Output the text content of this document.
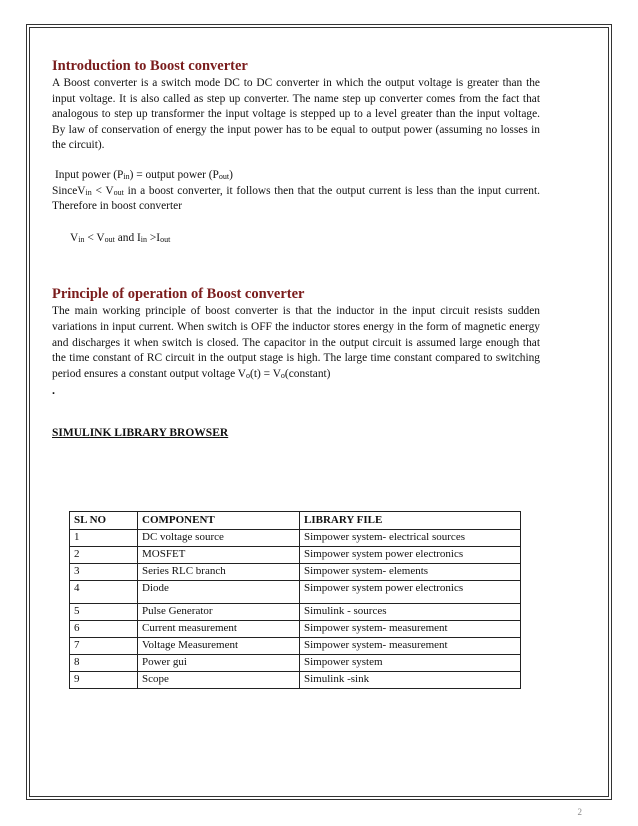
Introduction to Boost converter

A Boost converter is a switch mode DC to DC converter in which the output voltage is greater than the input voltage. It is also called as step up converter. The name step up converter comes from the fact that analogous to step up transformer the input voltage is stepped up to a level greater than the input voltage. By law of conservation of energy the input power has to be equal to output power (assuming no losses in the circuit).

Input power $(P_{in})$ = output power $(P_{out})$

SinceV$_{in}$ < $V_{out}$ in a boost converter, it follows then that the output current is less than the input current. Therefore in boost converter

$V_{in} < V_{out}$ and $I_{in} >I_{out}$
Principle of operation of Boost converter

The main working principle of boost converter is that the inductor in the input circuit resists sudden variations in input current. When switch is OFF the inductor stores energy in the form of magnetic energy and discharges it when switch is closed. The capacitor in the output circuit is assumed large enough that the time constant of RC circuit in the output stage is high. The large time constant compared to switching period ensures a constant output voltage $V_o(t)$ = $V_o(constant)$

.
SIMULINK LIBRARY BROWSER
SL NO	COMPONENT	LIBRARY FILE
1	DC voltage source	Simpower system- electrical sources
2	MOSFET	Simpower system power electronics
3	Series RLC branch	Simpower system- elements
4	Diode	Simpower system power electronics
5	Pulse Generator	Simulink - sources
6	Current measurement	Simpower system- measurement
7	Voltage Measurement	Simpower system- measurement
8	Power gui	Simpower system
9	Scope	Simulink -sink
2
